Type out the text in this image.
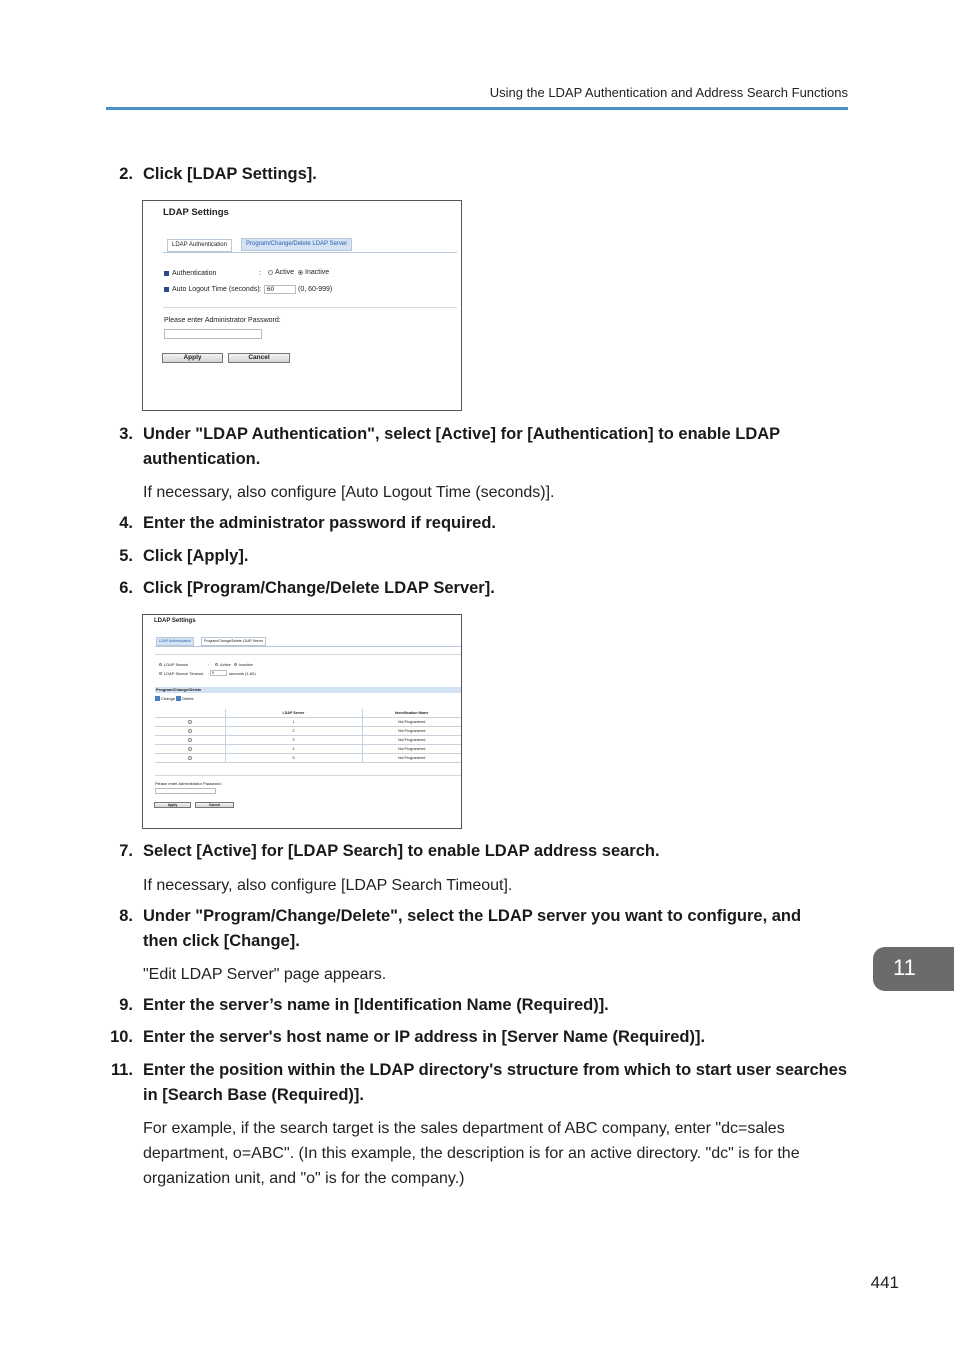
Using the LDAP Authentication and Address Search Functions
2. Click [LDAP Settings].
LDAP Settings
LDAP Authentication	Program/Change/Delete LDAP Server
Authentication	:	Active Inactive
Auto Logout Time (seconds) : 60	(0, 60-999)
Please enter Administrator Password:
Apply	Cancel
3. Under "LDAP Authentication", select [Active] for [Authentication] to enable LDAP authentication.
If necessary, also configure [Auto Logout Time (seconds)].
4. Enter the administrator password if required.
5. Click [Apply].
6. Click [Program/Change/Delete LDAP Server].
LDAP Settings
LDAP Authentication	Program/Change/Delete LDAP Server
LDAP Search	:	Active Inactive
LDAP Search Timeout : 5	seconds (1-60)
Program/Change/Delete
Change Delete
	LDAP Server	Identification Name
	1	Not Programmed
	2	Not Programmed
	3	Not Programmed
	4	Not Programmed
	5	Not Programmed
Please enter Administrator Password:
Apply	Cancel
7. Select [Active] for [LDAP Search] to enable LDAP address search.
If necessary, also configure [LDAP Search Timeout].
8. Under "Program/Change/Delete", select the LDAP server you want to configure, and then click [Change].
"Edit LDAP Server" page appears.
9. Enter the server’s name in [Identification Name (Required)].
10. Enter the server's host name or IP address in [Server Name (Required)].
11. Enter the position within the LDAP directory's structure from which to start user searches in [Search Base (Required)].
For example, if the search target is the sales department of ABC company, enter "dc=sales department, o=ABC". (In this example, the description is for an active directory. "dc" is for the organization unit, and "o" is for the company.)
11
441
